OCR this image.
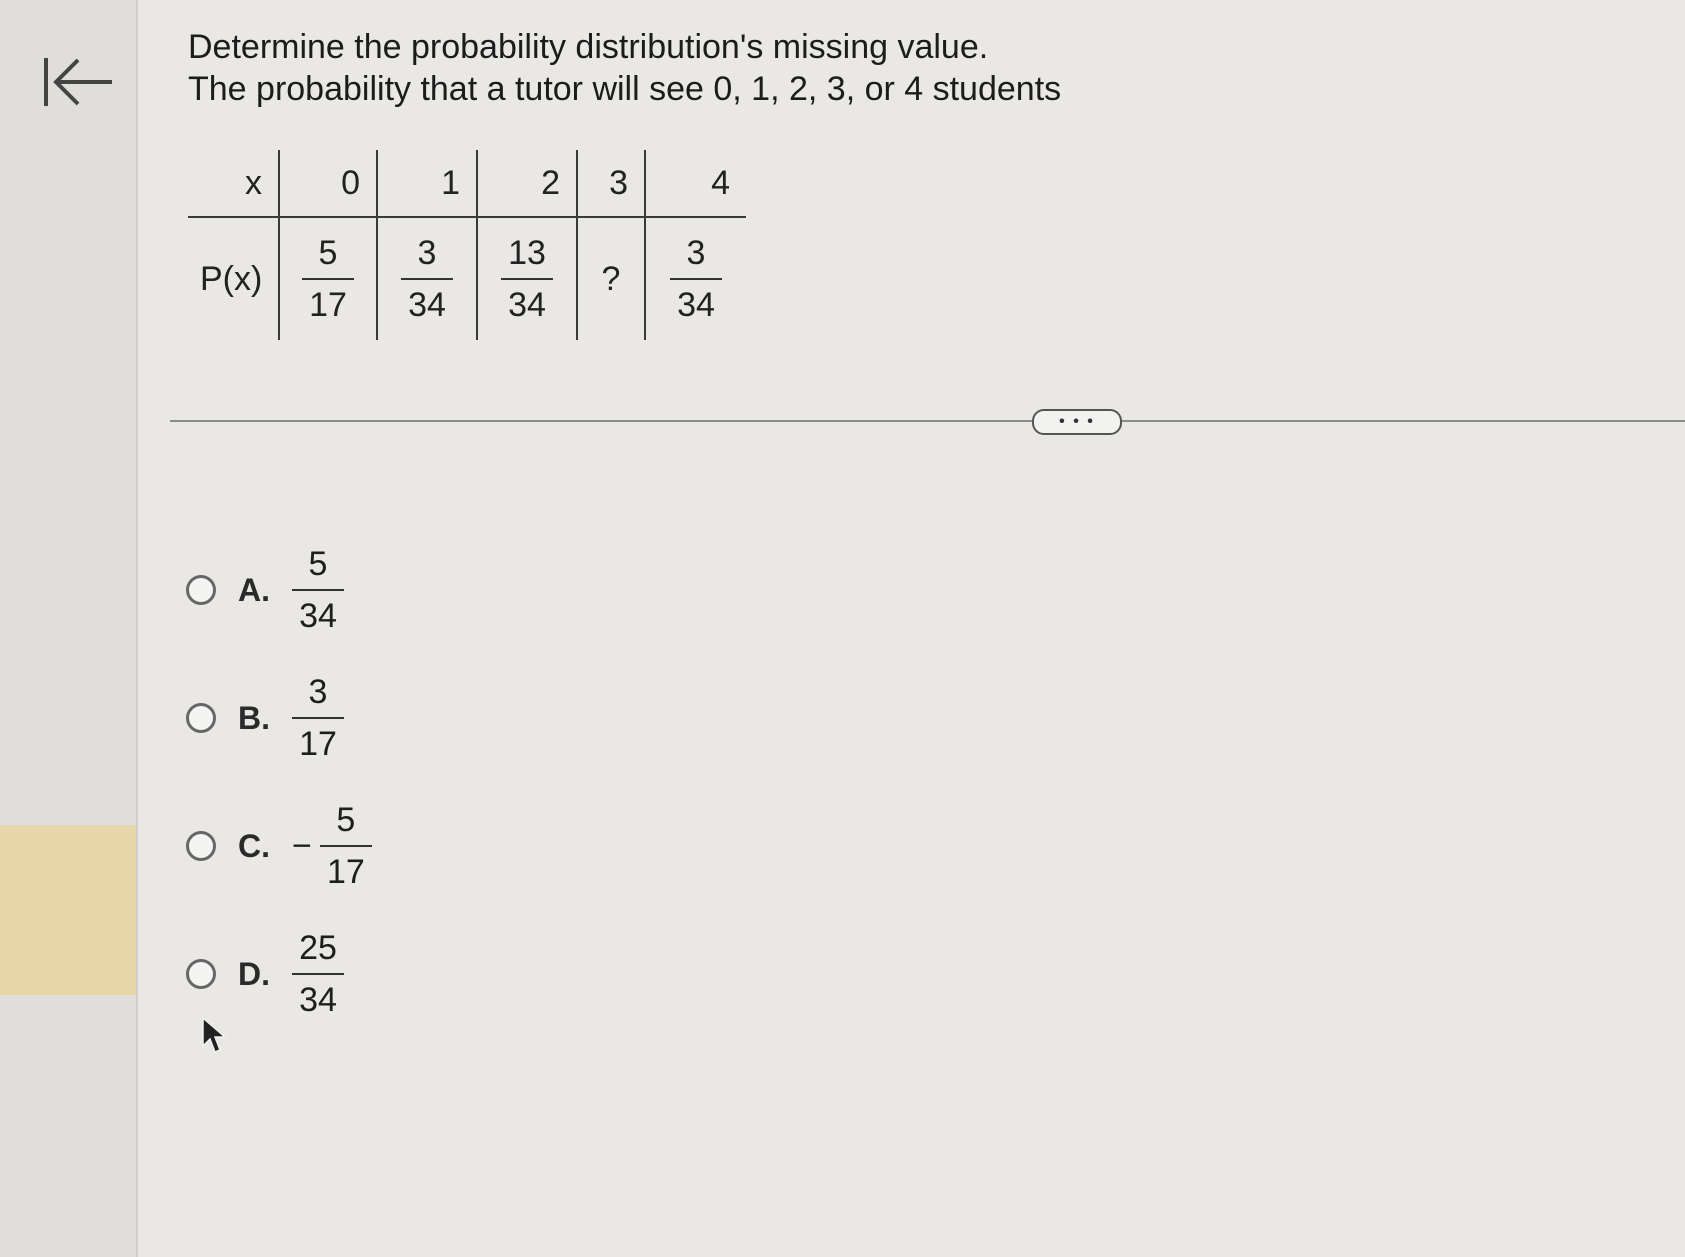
Determine the probability distribution's missing value.
The probability that a tutor will see 0, 1, 2, 3, or 4 students
x	0	1	2	3	4
P(x)	$\frac{5}{17}$	$\frac{3}{34}$	$\frac{13}{34}$	?	$\frac{3}{34}$
• • •
A. $\frac{5}{34}$
B. $\frac{3}{17}$
C. − $\frac{5}{17}$
D. $\frac{25}{34}$
